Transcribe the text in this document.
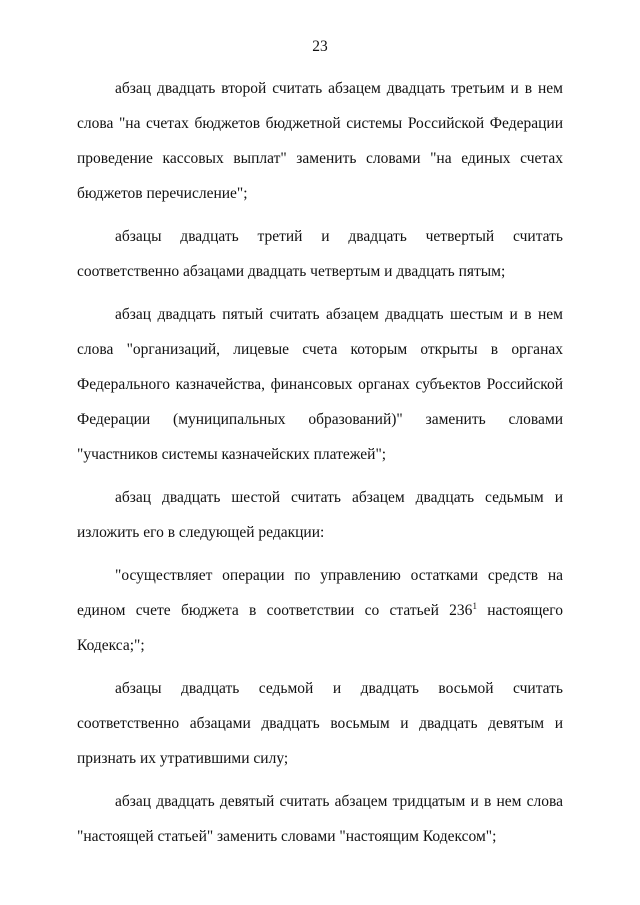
23

абзац двадцать второй считать абзацем двадцать третьим и в нем слова "на счетах бюджетов бюджетной системы Российской Федерации проведение кассовых выплат" заменить словами "на единых счетах бюджетов перечисление";

абзацы двадцать третий и двадцать четвертый считать соответственно абзацами двадцать четвертым и двадцать пятым;

абзац двадцать пятый считать абзацем двадцать шестым и в нем слова "организаций, лицевые счета которым открыты в органах Федерального казначейства, финансовых органах субъектов Российской Федерации (муниципальных образований)" заменить словами "участников системы казначейских платежей";

абзац двадцать шестой считать абзацем двадцать седьмым и изложить его в следующей редакции:

"осуществляет операции по управлению остатками средств на едином счете бюджета в соответствии со статьей $236^1$ настоящего Кодекса;";

абзацы двадцать седьмой и двадцать восьмой считать соответственно абзацами двадцать восьмым и двадцать девятым и признать их утратившими силу;

абзац двадцать девятый считать абзацем тридцатым и в нем слова "настоящей статьей" заменить словами "настоящим Кодексом";
